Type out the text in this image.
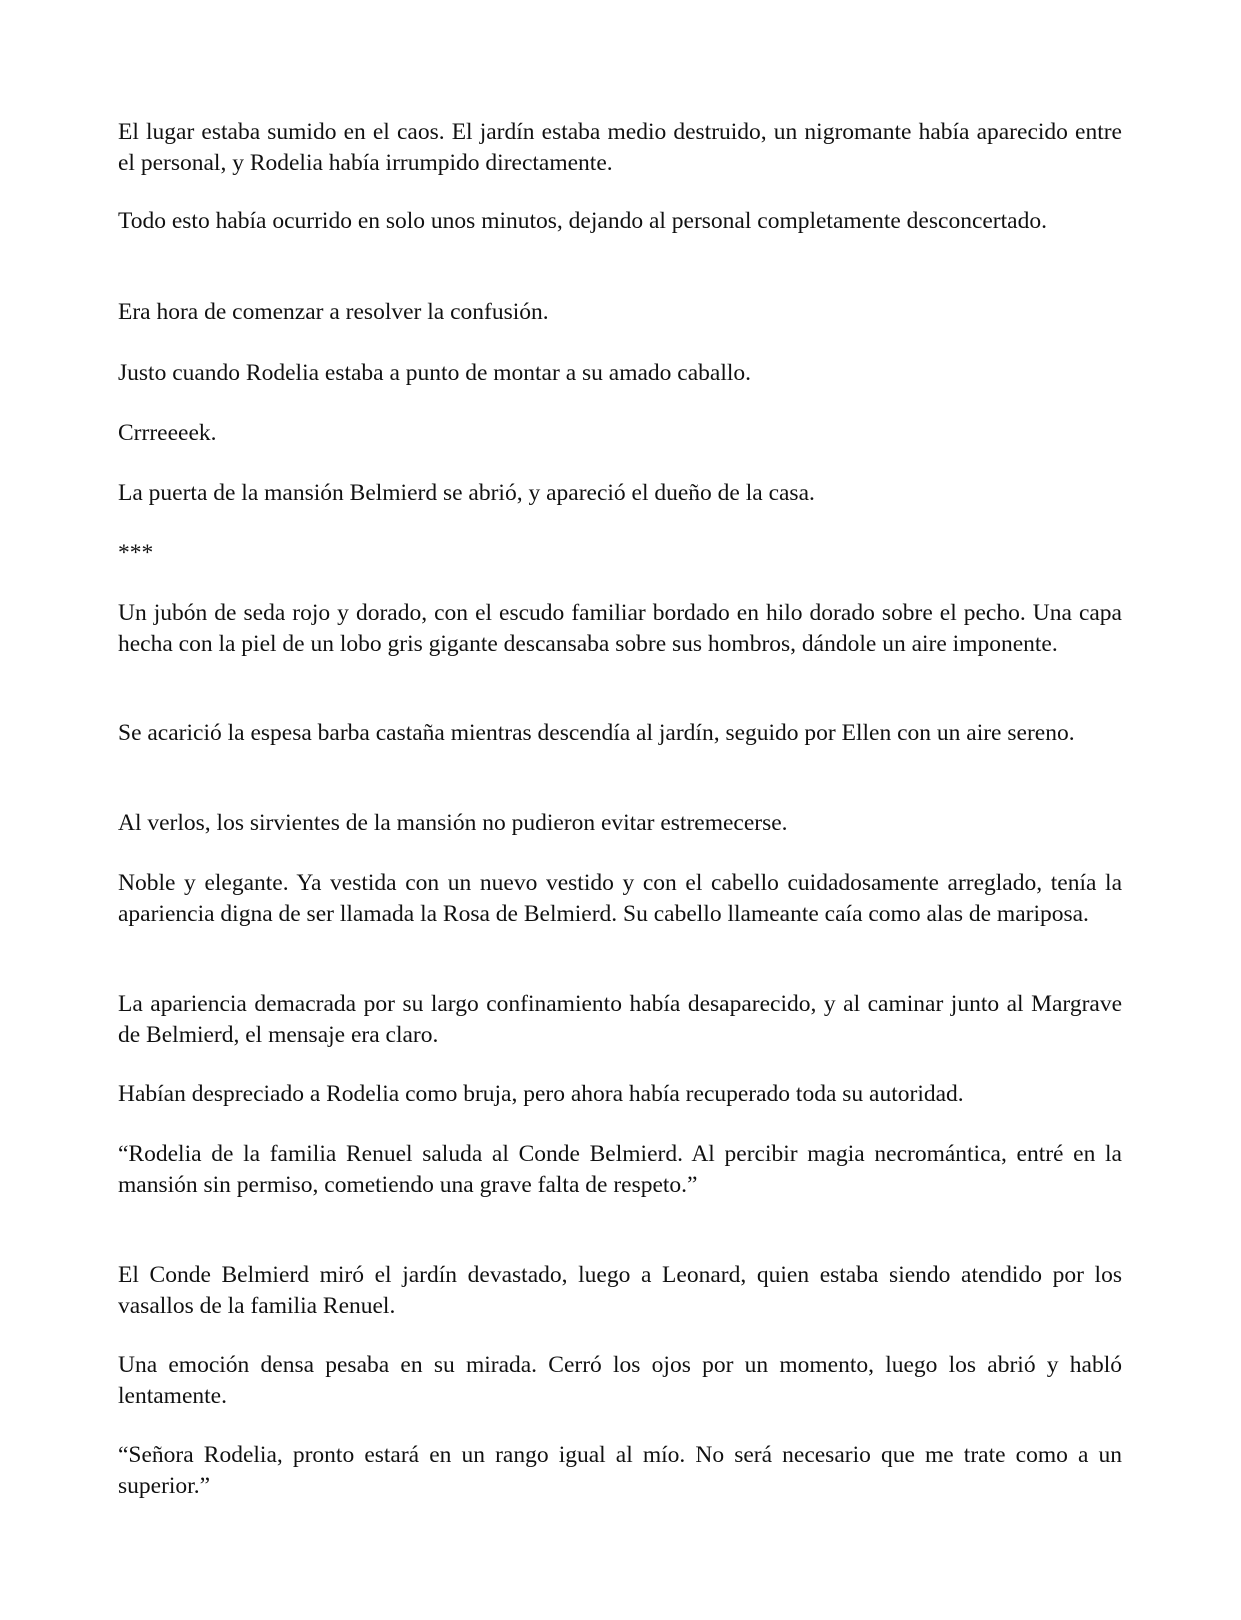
El lugar estaba sumido en el caos. El jardín estaba medio destruido, un nigromante había aparecido entre el personal, y Rodelia había irrumpido directamente.

Todo esto había ocurrido en solo unos minutos, dejando al personal completamente desconcertado.

Era hora de comenzar a resolver la confusión.

Justo cuando Rodelia estaba a punto de montar a su amado caballo.

Crrreeeek.

La puerta de la mansión Belmierd se abrió, y apareció el dueño de la casa.

***

Un jubón de seda rojo y dorado, con el escudo familiar bordado en hilo dorado sobre el pecho. Una capa hecha con la piel de un lobo gris gigante descansaba sobre sus hombros, dándole un aire imponente.

Se acarició la espesa barba castaña mientras descendía al jardín, seguido por Ellen con un aire sereno.

Al verlos, los sirvientes de la mansión no pudieron evitar estremecerse.

Noble y elegante. Ya vestida con un nuevo vestido y con el cabello cuidadosamente arreglado, tenía la apariencia digna de ser llamada la Rosa de Belmierd. Su cabello llameante caía como alas de mariposa.

La apariencia demacrada por su largo confinamiento había desaparecido, y al caminar junto al Margrave de Belmierd, el mensaje era claro.

Habían despreciado a Rodelia como bruja, pero ahora había recuperado toda su autoridad.

“Rodelia de la familia Renuel saluda al Conde Belmierd. Al percibir magia necromántica, entré en la mansión sin permiso, cometiendo una grave falta de respeto.”

El Conde Belmierd miró el jardín devastado, luego a Leonard, quien estaba siendo atendido por los vasallos de la familia Renuel.

Una emoción densa pesaba en su mirada. Cerró los ojos por un momento, luego los abrió y habló lentamente.

“Señora Rodelia, pronto estará en un rango igual al mío. No será necesario que me trate como a un superior.”
